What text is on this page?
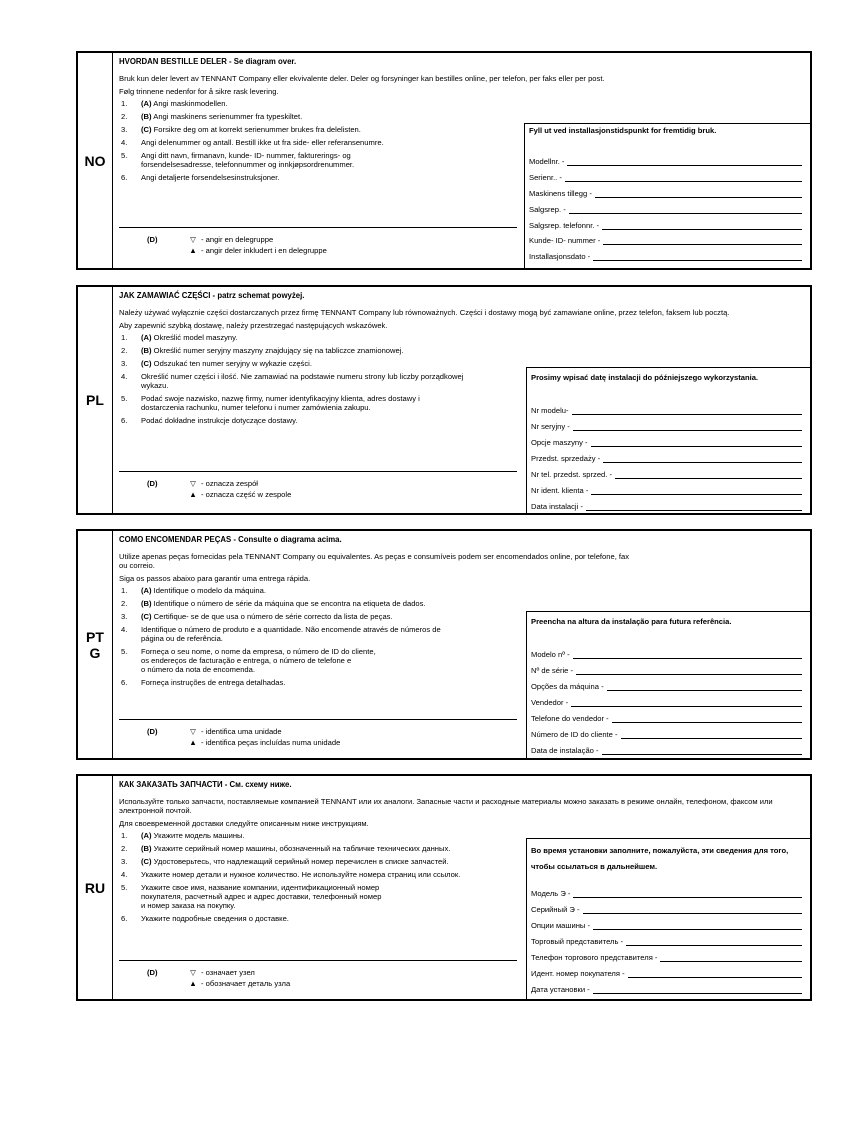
NO
HVORDAN BESTILLE DELER - Se diagram over.
Bruk kun deler levert av TENNANT Company eller ekvivalente deler. Deler og forsyninger kan bestilles online, per telefon, per faks eller per post.
Følg trinnene nedenfor for å sikre rask levering.
1.	(A) Angi maskinmodellen.
2.	(B) Angi maskinens serienummer fra typeskiltet.
3.	(C) Forsikre deg om at korrekt serienummer brukes fra delelisten.
4.	Angi delenummer og antall. Bestill ikke ut fra side- eller referansenumre.
5.	Angi ditt navn, firmanavn, kunde- ID- nummer, fakturerings- og
forsendelsesadresse, telefonnummer og innkjøpsordrenummer.
6.	Angi detaljerte forsendelsesinstruksjoner.
(D)	▽ - angir en delegruppe
▲ - angir deler inkludert i en delegruppe
Fyll ut ved installasjonstidspunkt for fremtidig bruk.
Modellnr. -
Serienr.. -
Maskinens tillegg -
Salgsrep. -
Salgsrep. telefonnr. -
Kunde- ID- nummer -
Installasjonsdato -
PL
JAK ZAMAWIAĆ CZĘŚCI - patrz schemat powyżej.
Należy używać wyłącznie części dostarczanych przez firmę TENNANT Company lub równoważnych. Części i dostawy mogą być zamawiane online, przez telefon, faksem lub pocztą.
Aby zapewnić szybką dostawę, należy przestrzegać następujących wskazówek.
1.	(A) Określić model maszyny.
2.	(B) Określić numer seryjny maszyny znajdujący się na tabliczce znamionowej.
3.	(C) Odszukać ten numer seryjny w wykazie części.
4.	Określić numer części i ilość. Nie zamawiać na podstawie numeru strony lub liczby porządkowej
wykazu.
5.	Podać swoje nazwisko, nazwę firmy, numer identyfikacyjny klienta, adres dostawy i
dostarczenia rachunku, numer telefonu i numer zamówienia zakupu.
6.	Podać dokładne instrukcje dotyczące dostawy.
(D)	▽ - oznacza zespół
▲ - oznacza część w zespole
Prosimy wpisać datę instalacji do późniejszego wykorzystania.
Nr modelu-
Nr seryjny -
Opcje maszyny -
Przedst. sprzedaży -
Nr tel. przedst. sprzed. -
Nr ident. klienta -
Data instalacji -
PT
G
COMO ENCOMENDAR PEÇAS - Consulte o diagrama acima.
Utilize apenas peças fornecidas pela TENNANT Company ou equivalentes. As peças e consumíveis podem ser encomendados online, por telefone, fax ou correio.
Siga os passos abaixo para garantir uma entrega rápida.
1.	(A) Identifique o modelo da máquina.
2.	(B) Identifique o número de série da máquina que se encontra na etiqueta de dados.
3.	(C) Certifique- se de que usa o número de série correcto da lista de peças.
4.	Identifique o número de produto e a quantidade. Não encomende através de números de
página ou de referência.
5.	Forneça o seu nome, o nome da empresa, o número de ID do cliente,
os endereços de facturação e entrega, o número de telefone e
o número da nota de encomenda.
6.	Forneça instruções de entrega detalhadas.
(D)	▽ - identifica uma unidade
▲ - identifica peças incluídas numa unidade
Preencha na altura da instalação para futura referência.
Modelo nº -
Nº de série -
Opções da máquina -
Vendedor -
Telefone do vendedor -
Número de ID do cliente -
Data de instalação -
RU
КАК ЗАКАЗАТЬ ЗАПЧАСТИ - См. схему ниже.
Используйте только запчасти, поставляемые компанией TENNANT или их аналоги. Запасные части и расходные материалы можно заказать в режиме онлайн, телефоном, факсом или электронной почтой.
Для своевременной доставки следуйте описанным ниже инструкциям.
1.	(A) Укажите модель машины.
2.	(B) Укажите серийный номер машины, обозначенный на табличке технических данных.
3.	(C) Удостоверьтесь, что надлежащий серийный номер перечислен в списке запчастей.
4.	Укажите номер детали и нужное количество. Не используйте номера страниц или ссылок.
5.	Укажите свое имя, название компании, идентификационный номер
покупателя, расчетный адрес и адрес доставки, телефонный номер
и номер заказа на покупку.
6.	Укажите подробные сведения о доставке.
(D)	▽ - означает узел
▲ - обозначает деталь узла
Во время установки заполните, пожалуйста, эти сведения для того, чтобы ссылаться в дальнейшем.
Модель Э -
Серийный Э -
Опции машины -
Торговый представитель -
Телефон торгового представителя -
Идент. номер покупателя -
Дата установки -
